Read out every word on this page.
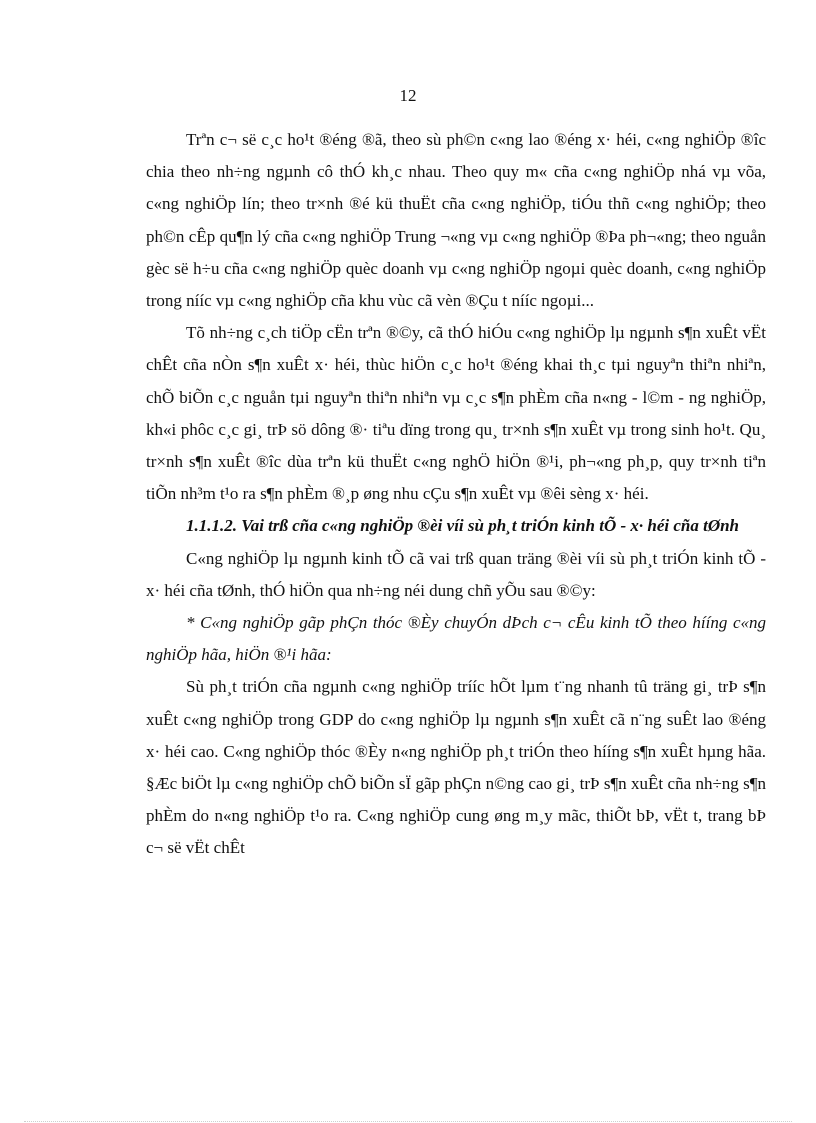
12

Trªn c¬ së c¸c ho¹t ®éng ®ã, theo sù ph©n c«ng lao ®éng x· héi, c«ng nghiÖp ®îc chia theo nh÷ng ngµnh cô thÓ kh¸c nhau. Theo quy m« cña c«ng nghiÖp nhá vµ võa, c«ng nghiÖp lín; theo tr×nh ®é kü thuËt cña c«ng nghiÖp, tiÓu thñ c«ng nghiÖp; theo ph©n cÊp qu¶n lý cña c«ng nghiÖp Trung ¬«ng vµ c«ng nghiÖp ®Þa ph¬«ng; theo nguån gèc së h÷u cña c«ng nghiÖp quèc doanh vµ c«ng nghiÖp ngoµi quèc doanh, c«ng nghiÖp trong nííc vµ c«ng nghiÖp cña khu vùc cã vèn ®Çu t nííc ngoµi...

Tõ nh÷ng c¸ch tiÖp cËn trªn ®©y, cã thÓ hiÓu c«ng nghiÖp lµ ngµnh s¶n xuÊt vËt chÊt cña nÒn s¶n xuÊt x· héi, thùc hiÖn c¸c ho¹t ®éng khai th¸c tµi nguyªn thiªn nhiªn, chÕ biÕn c¸c nguån tµi nguyªn thiªn nhiªn vµ c¸c s¶n phÈm cña n«ng - l©m - ng nghiÖp, kh«i phôc c¸c gi¸ trÞ sö dông ®· tiªu dïng trong qu¸ tr×nh s¶n xuÊt vµ trong sinh ho¹t. Qu¸ tr×nh s¶n xuÊt ®îc dùa trªn kü thuËt c«ng nghÖ hiÖn ®¹i, ph¬«ng ph¸p, quy tr×nh tiªn tiÕn nh³m t¹o ra s¶n phÈm ®¸p øng nhu cÇu s¶n xuÊt vµ ®êi sèng x· héi.

1.1.1.2. Vai trß cña c«ng nghiÖp ®èi víi sù ph¸t triÓn kinh tÕ - x· héi cña tØnh

C«ng nghiÖp lµ ngµnh kinh tÕ cã vai trß quan träng ®èi víi sù ph¸t triÓn kinh tÕ - x· héi cña tØnh, thÓ hiÖn qua nh÷ng néi dung chñ yÕu sau ®©y:

* C«ng nghiÖp gãp phÇn thóc ®Èy chuyÓn dÞch c¬ cÊu kinh tÕ theo hííng c«ng nghiÖp hãa, hiÖn ®¹i hãa:

Sù ph¸t triÓn cña ngµnh c«ng nghiÖp trííc hÕt lµm t¨ng nhanh tû träng gi¸ trÞ s¶n xuÊt c«ng nghiÖp trong GDP do c«ng nghiÖp lµ ngµnh s¶n xuÊt cã n¨ng suÊt lao ®éng x· héi cao. C«ng nghiÖp thóc ®Èy n«ng nghiÖp ph¸t triÓn theo hííng s¶n xuÊt hµng hãa. §Æc biÖt lµ c«ng nghiÖp chÕ biÕn sÏ gãp phÇn n©ng cao gi¸ trÞ s¶n xuÊt cña nh÷ng s¶n phÈm do n«ng nghiÖp t¹o ra. C«ng nghiÖp cung øng m¸y mãc, thiÕt bÞ, vËt t, trang bÞ c¬ së vËt chÊt
